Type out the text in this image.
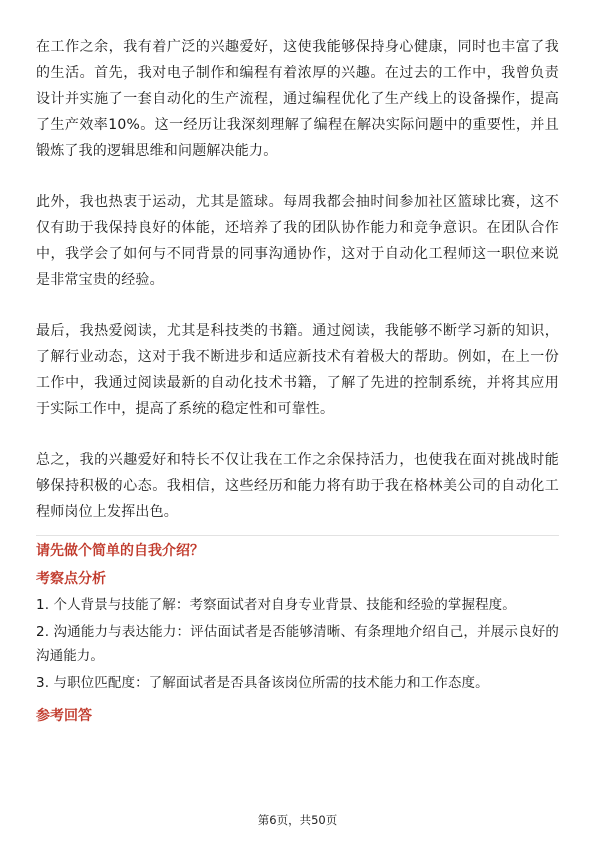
在工作之余，我有着广泛的兴趣爱好，这使我能够保持身心健康，同时也丰富了我的生活。首先，我对电子制作和编程有着浓厚的兴趣。在过去的工作中，我曾负责设计并实施了一套自动化的生产流程，通过编程优化了生产线上的设备操作，提高了生产效率10%。这一经历让我深刻理解了编程在解决实际问题中的重要性，并且锻炼了我的逻辑思维和问题解决能力。

此外，我也热衷于运动，尤其是篮球。每周我都会抽时间参加社区篮球比赛，这不仅有助于我保持良好的体能，还培养了我的团队协作能力和竞争意识。在团队合作中，我学会了如何与不同背景的同事沟通协作，这对于自动化工程师这一职位来说是非常宝贵的经验。

最后，我热爱阅读，尤其是科技类的书籍。通过阅读，我能够不断学习新的知识，了解行业动态，这对于我不断进步和适应新技术有着极大的帮助。例如，在上一份工作中，我通过阅读最新的自动化技术书籍，了解了先进的控制系统，并将其应用于实际工作中，提高了系统的稳定性和可靠性。

总之，我的兴趣爱好和特长不仅让我在工作之余保持活力，也使我在面对挑战时能够保持积极的心态。我相信，这些经历和能力将有助于我在格林美公司的自动化工程师岗位上发挥出色。

请先做个简单的自我介绍？
考察点分析
1. 个人背景与技能了解：考察面试者对自身专业背景、技能和经验的掌握程度。
2. 沟通能力与表达能力：评估面试者是否能够清晰、有条理地介绍自己，并展示良好的沟通能力。
3. 与职位匹配度：了解面试者是否具备该岗位所需的技术能力和工作态度。
参考回答
第6页，共50页
